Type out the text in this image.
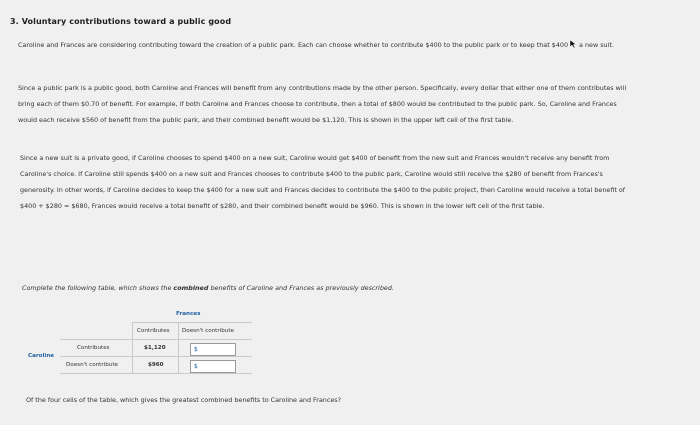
3. Voluntary contributions toward a public good

Caroline and Frances are considering contributing toward the creation of a public park. Each can choose whether to contribute $400 to the public park or to keep that $400 a new suit.

Since a public park is a public good, both Caroline and Frances will benefit from any contributions made by the other person. Specifically, every dollar that either one of them contributes will bring each of them $0.70 of benefit. For example, if both Caroline and Frances choose to contribute, then a total of $800 would be contributed to the public park. So, Caroline and Frances would each receive $560 of benefit from the public park, and their combined benefit would be $1,120. This is shown in the upper left cell of the first table.

Since a new suit is a private good, if Caroline chooses to spend $400 on a new suit, Caroline would get $400 of benefit from the new suit and Frances wouldn't receive any benefit from Caroline's choice. If Caroline still spends $400 on a new suit and Frances chooses to contribute $400 to the public park, Caroline would still receive the $280 of benefit from Frances's generosity. In other words, if Caroline decides to keep the $400 for a new suit and Frances decides to contribute the $400 to the public project, then Caroline would receive a total benefit of $400 + $280 = $680, Frances would receive a total benefit of $280, and their combined benefit would be $960. This is shown in the lower left cell of the first table.

Complete the following table, which shows the combined benefits of Caroline and Frances as previously described.
Frances
Caroline
Contributes Doesn't contribute
Contributes
Doesn't contribute
$1,120
$960
$
$
Of the four cells of the table, which gives the greatest combined benefits to Caroline and Frances?
